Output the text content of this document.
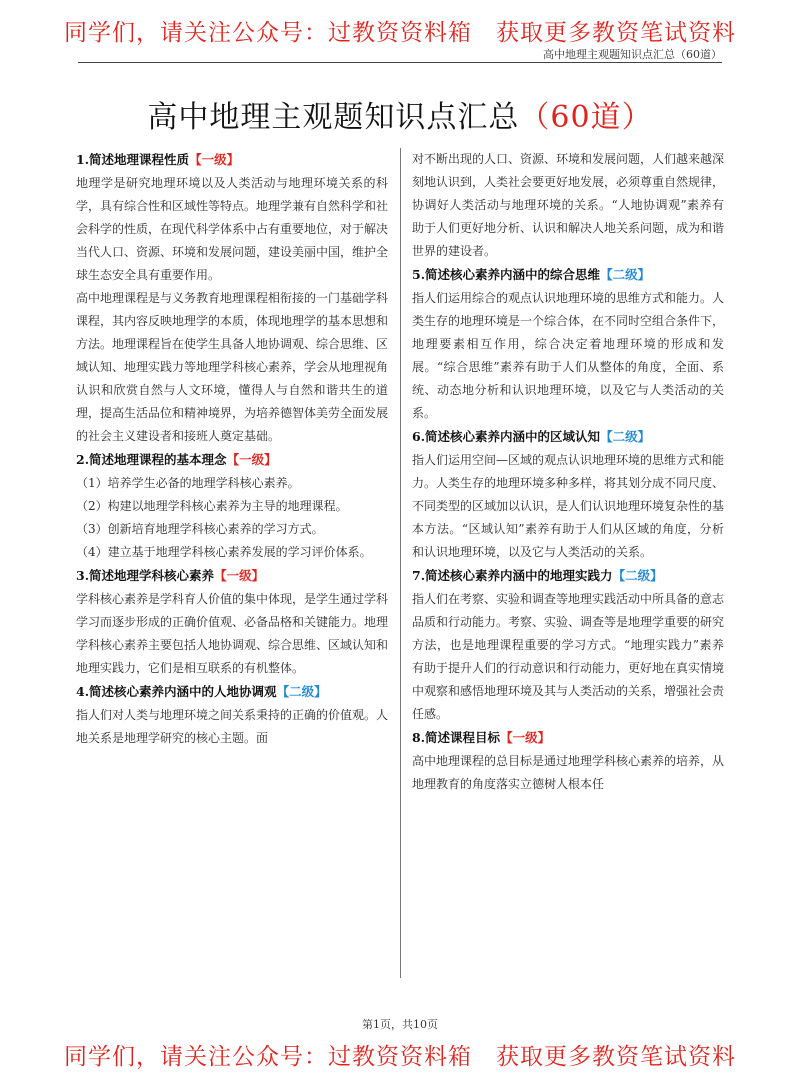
同学们，请关注公众号：过教资资料箱　获取更多教资笔试资料
高中地理主观题知识点汇总（60道）
高中地理主观题知识点汇总（60道）
1.简述地理课程性质【一级】

地理学是研究地理环境以及人类活动与地理环境关系的科学，具有综合性和区域性等特点。地理学兼有自然科学和社会科学的性质，在现代科学体系中占有重要地位，对于解决当代人口、资源、环境和发展问题，建设美丽中国，维护全球生态安全具有重要作用。

高中地理课程是与义务教育地理课程相衔接的一门基础学科课程，其内容反映地理学的本质，体现地理学的基本思想和方法。地理课程旨在使学生具备人地协调观、综合思维、区域认知、地理实践力等地理学科核心素养，学会从地理视角认识和欣赏自然与人文环境，懂得人与自然和谐共生的道理，提高生活品位和精神境界，为培养德智体美劳全面发展的社会主义建设者和接班人奠定基础。

2.简述地理课程的基本理念【一级】

（1）培养学生必备的地理学科核心素养。

（2）构建以地理学科核心素养为主导的地理课程。

（3）创新培育地理学科核心素养的学习方式。

（4）建立基于地理学科核心素养发展的学习评价体系。

3.简述地理学科核心素养【一级】

学科核心素养是学科育人价值的集中体现，是学生通过学科学习而逐步形成的正确价值观、必备品格和关键能力。地理学科核心素养主要包括人地协调观、综合思维、区域认知和地理实践力，它们是相互联系的有机整体。

4.简述核心素养内涵中的人地协调观【二级】

指人们对人类与地理环境之间关系秉持的正确的价值观。人地关系是地理学研究的核心主题。面

对不断出现的人口、资源、环境和发展问题，人们越来越深刻地认识到，人类社会要更好地发展，必须尊重自然规律，协调好人类活动与地理环境的关系。“人地协调观”素养有助于人们更好地分析、认识和解决人地关系问题，成为和谐世界的建设者。

5.简述核心素养内涵中的综合思维【二级】

指人们运用综合的观点认识地理环境的思维方式和能力。人类生存的地理环境是一个综合体，在不同时空组合条件下，地理要素相互作用，综合决定着地理环境的形成和发展。“综合思维”素养有助于人们从整体的角度，全面、系统、动态地分析和认识地理环境，以及它与人类活动的关系。

6.简述核心素养内涵中的区域认知【二级】

指人们运用空间—区域的观点认识地理环境的思维方式和能力。人类生存的地理环境多种多样，将其划分成不同尺度、不同类型的区域加以认识，是人们认识地理环境复杂性的基本方法。“区域认知”素养有助于人们从区域的角度，分析和认识地理环境，以及它与人类活动的关系。

7.简述核心素养内涵中的地理实践力【二级】

指人们在考察、实验和调查等地理实践活动中所具备的意志品质和行动能力。考察、实验、调查等是地理学重要的研究方法，也是地理课程重要的学习方式。“地理实践力”素养有助于提升人们的行动意识和行动能力，更好地在真实情境中观察和感悟地理环境及其与人类活动的关系，增强社会责任感。

8.简述课程目标【一级】

高中地理课程的总目标是通过地理学科核心素养的培养，从地理教育的角度落实立德树人根本任

第1页，共10页
同学们，请关注公众号：过教资资料箱　获取更多教资笔试资料
